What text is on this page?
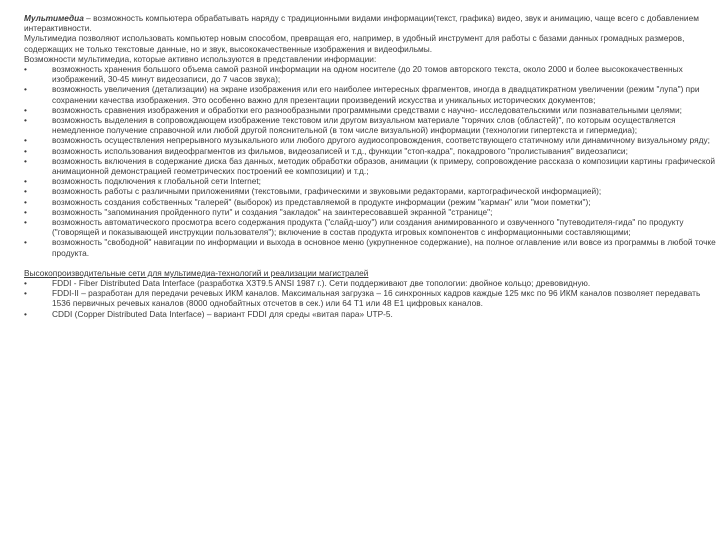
Мультимедиа – возможность компьютера обрабатывать наряду с традиционными видами информации(текст, графика) видео, звук и анимацию, чаще всего с добавлением интерактивности.

Мультимедиа позволяют использовать компьютер новым способом, превращая его, например, в удобный инструмент для работы с базами данных громадных размеров, содержащих не только текстовые данные, но и звук, высококачественные изображения и видеофильмы.

Возможности мультимедиа, которые активно используются в представлении информации:

•	возможность хранения большого объема самой разной информации на одном носителе (до 20 томов авторского текста, около 2000 и более высококачественных изображений, 30-45 минут видеозаписи, до 7 часов звука);
•	возможность увеличения (детализации) на экране изображения или его наиболее интересных фрагментов, иногда в двадцатикратном увеличении (режим "лупа") при сохранении качества изображения. Это особенно важно для презентации произведений искусства и уникальных исторических документов;
•	возможность сравнения изображения и обработки его разнообразными программными средствами с научно- исследовательскими или познавательными целями;
•	возможность выделения в сопровождающем изображение текстовом или другом визуальном материале "горячих слов (областей)", по которым осуществляется немедленное получение справочной или любой другой пояснительной (в том числе визуальной) информации (технологии гипертекста и гипермедиа);
•	возможность осуществления непрерывного музыкального или любого другого аудиосопровождения, соответствующего статичному или динамичному визуальному ряду;
•	возможность использования видеофрагментов из фильмов, видеозаписей и т.д., функции "стоп-кадра", покадрового "пролистывания" видеозаписи;
•	возможность включения в содержание диска баз данных, методик обработки образов, анимации (к примеру, сопровождение рассказа о композиции картины графической анимационной демонстрацией геометрических построений ее композиции) и т.д.;
•	возможность подключения к глобальной сети Internet;
•	возможность работы с различными приложениями (текстовыми, графическими и звуковыми редакторами, картографической информацией);
•	возможность создания собственных "галерей" (выборок) из представляемой в продукте информации (режим "карман" или "мои пометки");
•	возможность "запоминания пройденного пути" и создания "закладок" на заинтересовавшей экранной "странице";
•	возможность автоматического просмотра всего содержания продукта ("слайд-шоу") или создания анимированного и озвученного "путеводителя-гида" по продукту ("говорящей и показывающей инструкции пользователя"); включение в состав продукта игровых компонентов с информационными составляющими;
•	возможность "свободной" навигации по информации и выхода в основное меню (укрупненное содержание), на полное оглавление или вовсе из программы в любой точке продукта.

Высокопроизводительные сети для мультимедиа-технологий и реализации магистралей

•	FDDI - Fiber Distributed Data Interface (разработка X3T9.5 ANSI 1987 г.). Сети поддерживают две топологии: двойное кольцо; древовидную.
•	FDDI-II – разработан для передачи речевых ИКМ каналов. Максимальная загрузка – 16 синхронных кадров каждые 125 мкс по 96 ИКМ каналов позволяет передавать 1536 первичных речевых каналов (8000 однобайтных отсчетов в сек.) или 64 T1 или 48 E1 цифровых каналов.
•	CDDI (Copper Distributed Data Interface) – вариант FDDI для среды «витая пара» UTP-5.
